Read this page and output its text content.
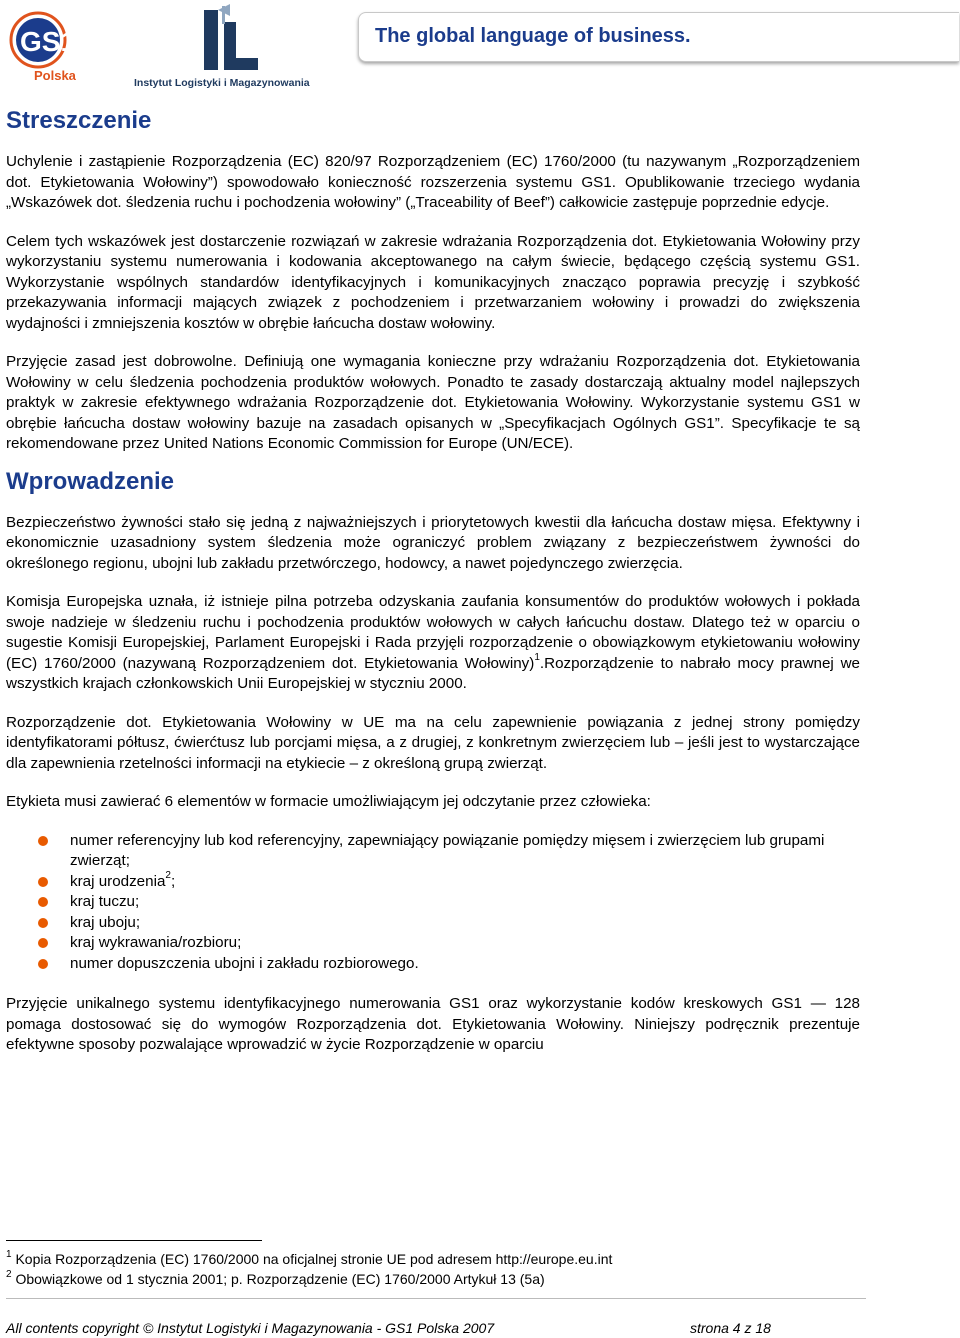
GS1
Polska	Instytut Logistyki i Magazynowania
The global language of business.
Streszczenie

Uchylenie i zastąpienie Rozporządzenia (EC) 820/97 Rozporządzeniem (EC) 1760/2000 (tu nazywanym „Rozporządzeniem dot. Etykietowania Wołowiny”) spowodowało konieczność rozszerzenia systemu GS1. Opublikowanie trzeciego wydania „Wskazówek dot. śledzenia ruchu i pochodzenia wołowiny” („Traceability of Beef”) całkowicie zastępuje poprzednie edycje.

Celem tych wskazówek jest dostarczenie rozwiązań w zakresie wdrażania Rozporządzenia dot. Etykietowania Wołowiny przy wykorzystaniu systemu numerowania i kodowania akceptowanego na całym świecie, będącego częścią systemu GS1. Wykorzystanie wspólnych standardów identyfikacyjnych i komunikacyjnych znacząco poprawia precyzję i szybkość przekazywania informacji mających związek z pochodzeniem i przetwarzaniem wołowiny i prowadzi do zwiększenia wydajności i zmniejszenia kosztów w obrębie łańcucha dostaw wołowiny.

Przyjęcie zasad jest dobrowolne. Definiują one wymagania konieczne przy wdrażaniu Rozporządzenia dot. Etykietowania Wołowiny w celu śledzenia pochodzenia produktów wołowych. Ponadto te zasady dostarczają aktualny model najlepszych praktyk w zakresie efektywnego wdrażania Rozporządzenie dot. Etykietowania Wołowiny. Wykorzystanie systemu GS1 w obrębie łańcucha dostaw wołowiny bazuje na zasadach opisanych w „Specyfikacjach Ogólnych GS1”. Specyfikacje te są rekomendowane przez United Nations Economic Commission for Europe (UN/ECE).

Wprowadzenie

Bezpieczeństwo żywności stało się jedną z najważniejszych i priorytetowych kwestii dla łańcucha dostaw mięsa. Efektywny i ekonomicznie uzasadniony system śledzenia może ograniczyć problem związany z bezpieczeństwem żywności do określonego regionu, ubojni lub zakładu przetwórczego, hodowcy, a nawet pojedynczego zwierzęcia.

Komisja Europejska uznała, iż istnieje pilna potrzeba odzyskania zaufania konsumentów do produktów wołowych i pokłada swoje nadzieje w śledzeniu ruchu i pochodzenia produktów wołowych w całych łańcuchu dostaw. Dlatego też w oparciu o sugestie Komisji Europejskiej, Parlament Europejski i Rada przyjęli rozporządzenie o obowiązkowym etykietowaniu wołowiny (EC) 1760/2000 (nazywaną Rozporządzeniem dot. Etykietowania Wołowiny)$^1$.Rozporządzenie to nabrało mocy prawnej we wszystkich krajach członkowskich Unii Europejskiej w styczniu 2000.

Rozporządzenie dot. Etykietowania Wołowiny w UE ma na celu zapewnienie powiązania z jednej strony pomiędzy identyfikatorami półtusz, ćwierćtusz lub porcjami mięsa, a z drugiej, z konkretnym zwierzęciem lub – jeśli jest to wystarczające dla zapewnienia rzetelności informacji na etykiecie – z określoną grupą zwierząt.

Etykieta musi zawierać 6 elementów w formacie umożliwiającym jej odczytanie przez człowieka:

numer referencyjny lub kod referencyjny, zapewniający powiązanie pomiędzy mięsem i zwierzęciem lub grupami zwierząt;
kraj urodzenia$^2$;
kraj tuczu;
kraj uboju;
kraj wykrawania/rozbioru;
numer dopuszczenia ubojni i zakładu rozbiorowego.

Przyjęcie unikalnego systemu identyfikacyjnego numerowania GS1 oraz wykorzystanie kodów kreskowych GS1 — 128 pomaga dostosować się do wymogów Rozporządzenia dot. Etykietowania Wołowiny. Niniejszy podręcznik prezentuje efektywne sposoby pozwalające wprowadzić w życie Rozporządzenie w oparciu

$^1$ Kopia Rozporządzenia (EC) 1760/2000 na oficjalnej stronie UE pod adresem http://europe.eu.int
$^2$ Obowiązkowe od 1 stycznia 2001; p. Rozporządzenie (EC) 1760/2000 Artykuł 13 (5a)
All contents copyright © Instytut Logistyki i Magazynowania - GS1 Polska 2007	strona 4 z 18
